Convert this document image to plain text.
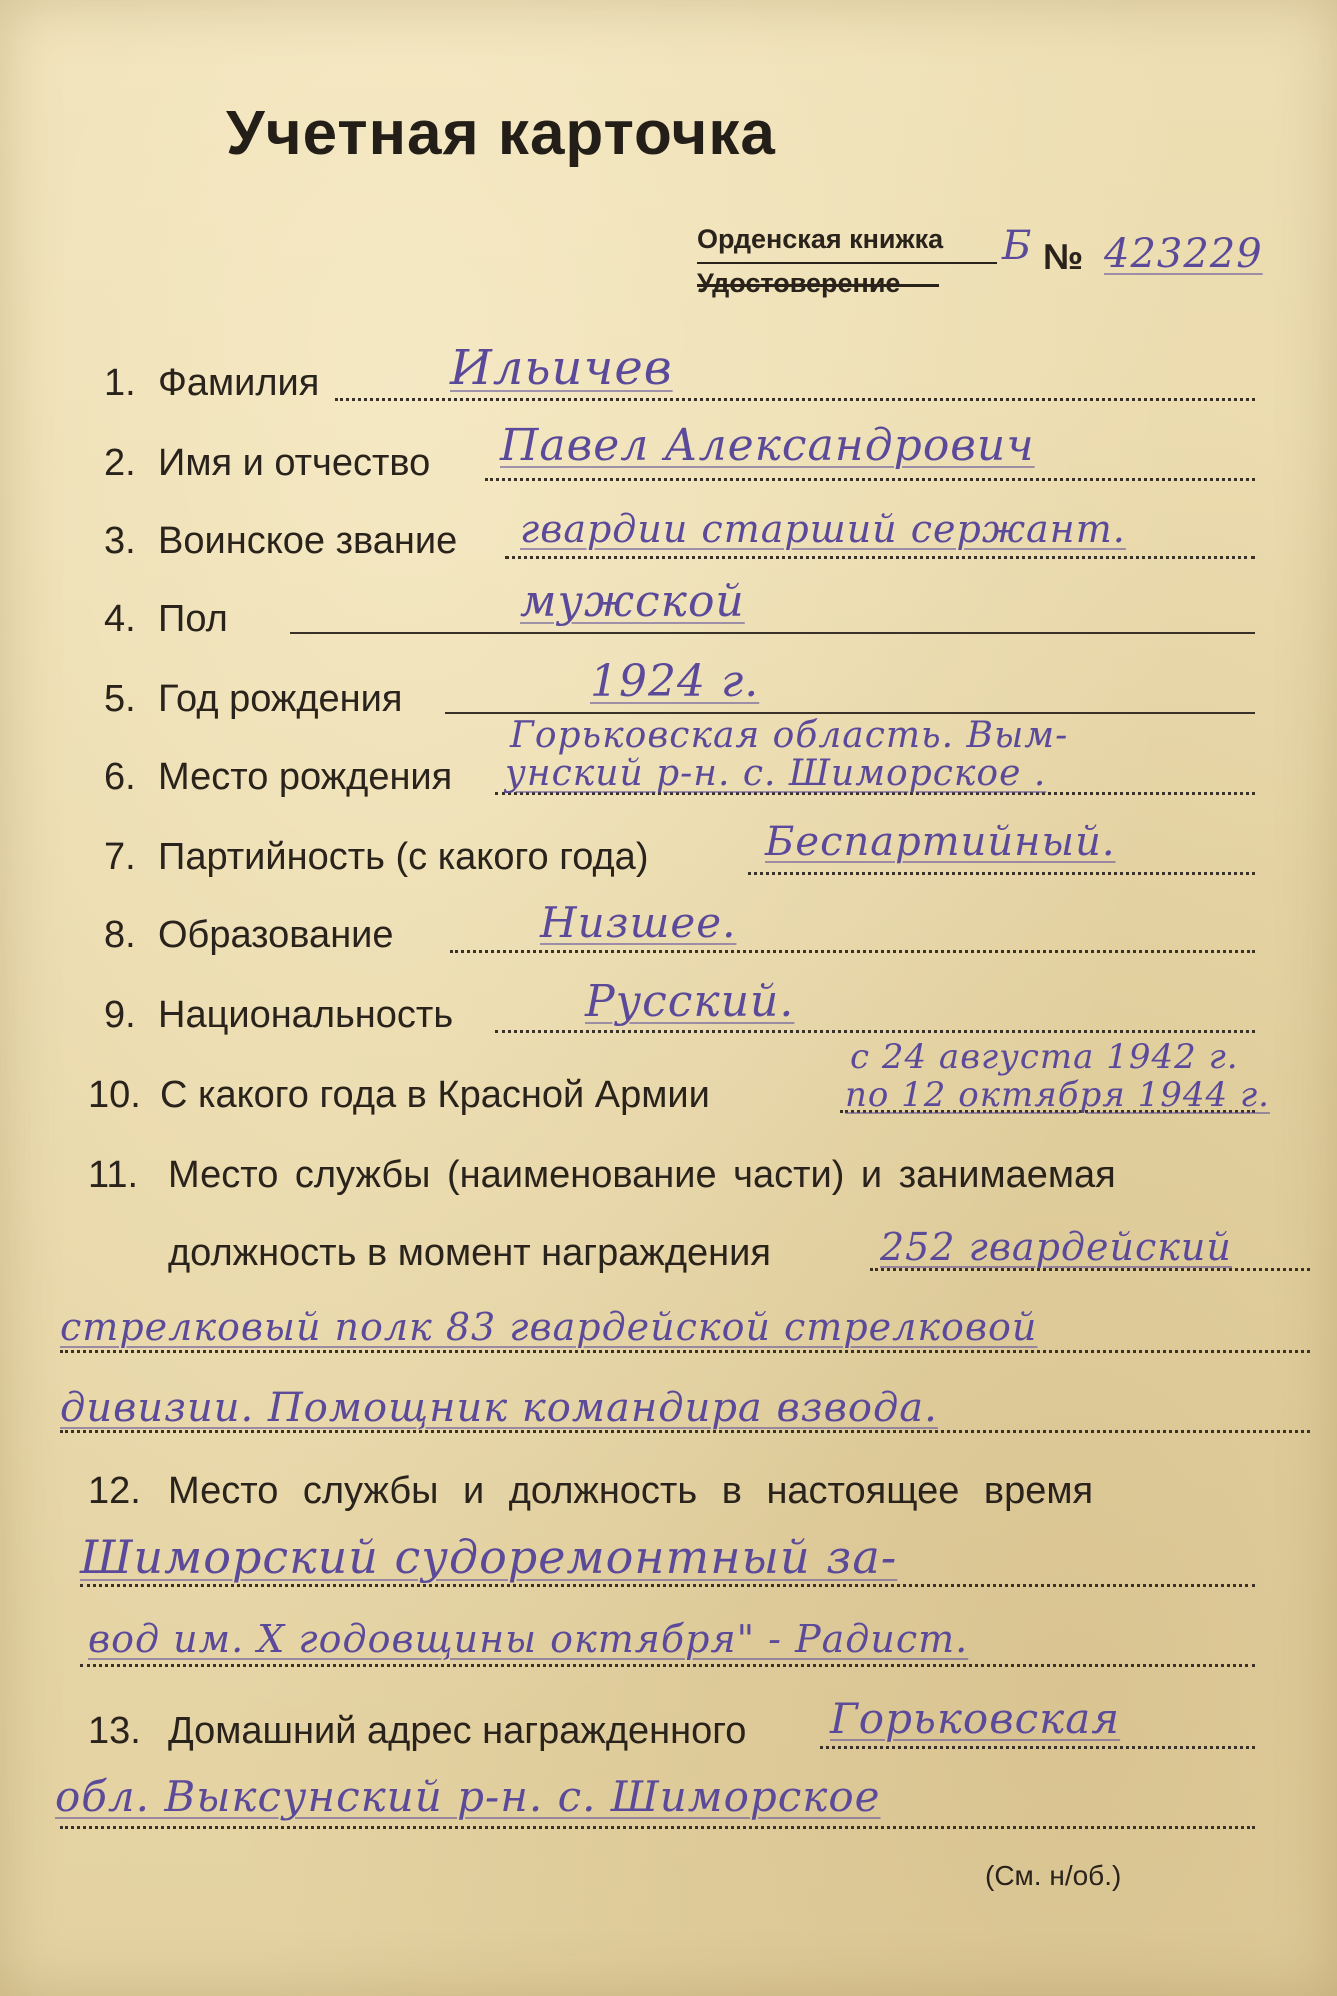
Учетная карточка
Орденская книжка
Удостоверение
Б № 423229
1. Фамилия	Ильичев
2. Имя и отчество Павел Александрович
3. Воинское звание гвардии старший сержант.
4. Пол	мужской
5. Год рождения	1924 г.
6. Место рождения
Горьковская область. Вым-
унский р-н. с. Шиморское .
7. Партийность (с какого года)	Беспартийный.
8. Образование	Низшее.
9. Национальность	Русский.
10. С какого года в Красной Армии
с 24 августа 1942 г.
по 12 октября 1944 г.
11. Место службы (наименование части) и занимаемая
должность в момент награждения	252 гвардейский
стрелковый полк 83 гвардейской стрелковой
дивизии. Помощник командира взвода.
12. Место службы и должность в настоящее время
Шиморский судоремонтный за-
вод им. Х годовщины октября" - Радист.
13. Домашний адрес награжденного Горьковская
обл. Выксунский р-н. с. Шиморское
(См. н/об.)
